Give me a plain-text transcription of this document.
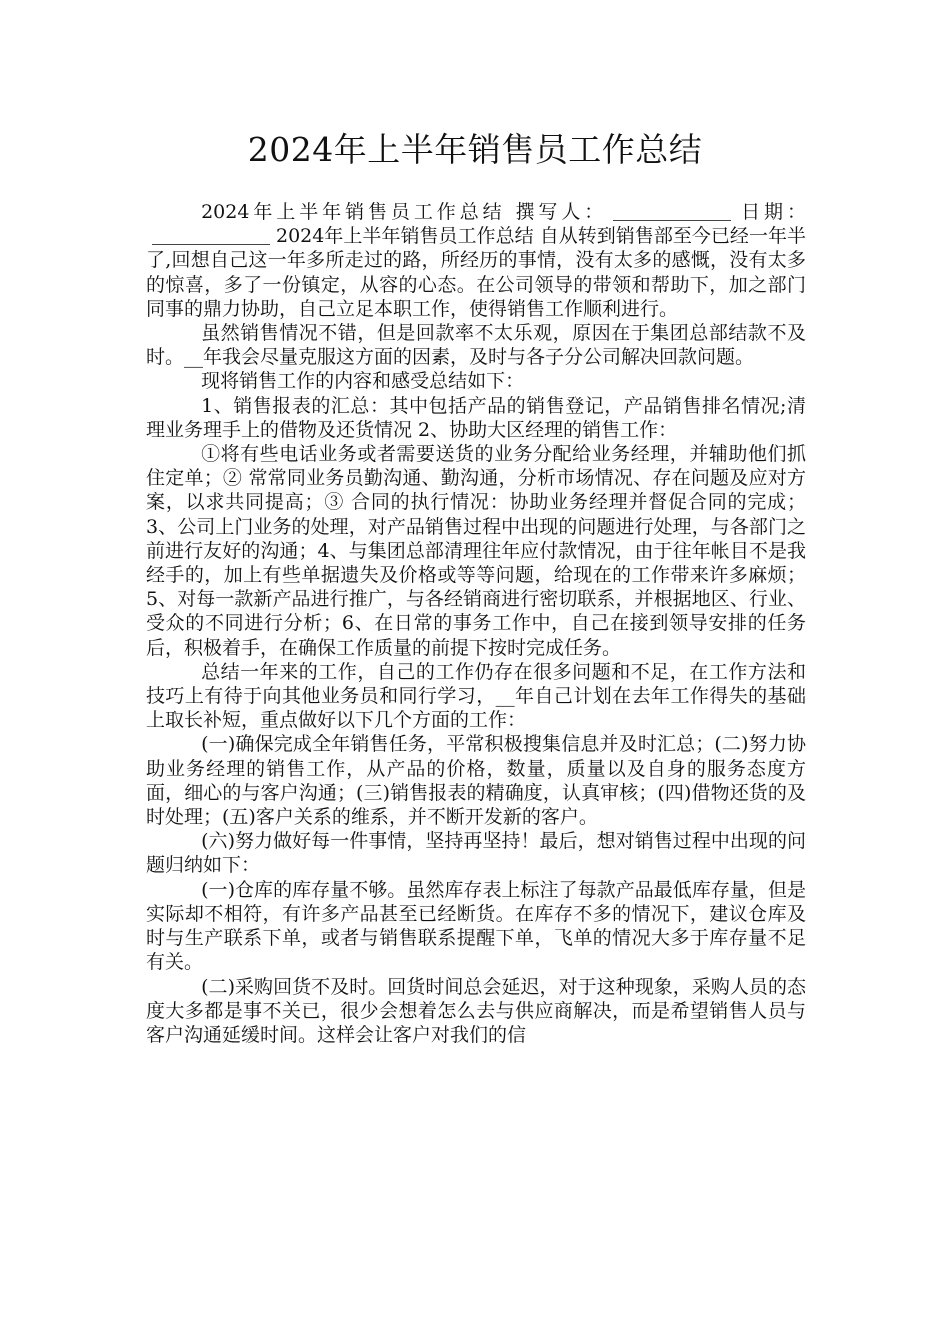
2024年上半年销售员工作总结

2024年上半年销售员工作总结 撰写人：	日期：2024年上半年销售员工作总结 自从转到销售部至今已经一年半了,回想自己这一年多所走过的路，所经历的事情，没有太多的感慨，没有太多的惊喜，多了一份镇定，从容的心态。在公司领导的带领和帮助下，加之部门同事的鼎力协助，自己立足本职工作，使得销售工作顺利进行。

虽然销售情况不错，但是回款率不太乐观，原因在于集团总部结款不及时。__年我会尽量克服这方面的因素，及时与各子分公司解决回款问题。

现将销售工作的内容和感受总结如下：

1、销售报表的汇总：其中包括产品的销售登记，产品销售排名情况;清理业务理手上的借物及还货情况 2、协助大区经理的销售工作：

①将有些电话业务或者需要送货的业务分配给业务经理，并辅助他们抓住定单；② 常常同业务员勤沟通、勤沟通，分析市场情况、存在问题及应对方案，以求共同提高；③ 合同的执行情况：协助业务经理并督促合同的完成；3、公司上门业务的处理，对产品销售过程中出现的问题进行处理，与各部门之前进行友好的沟通；4、与集团总部清理往年应付款情况，由于往年帐目不是我经手的，加上有些单据遗失及价格或等等问题，给现在的工作带来许多麻烦；5、对每一款新产品进行推广，与各经销商进行密切联系，并根据地区、行业、受众的不同进行分析；6、在日常的事务工作中，自己在接到领导安排的任务后，积极着手，在确保工作质量的前提下按时完成任务。

总结一年来的工作，自己的工作仍存在很多问题和不足，在工作方法和技巧上有待于向其他业务员和同行学习，__年自己计划在去年工作得失的基础上取长补短，重点做好以下几个方面的工作：

(一)确保完成全年销售任务，平常积极搜集信息并及时汇总；(二)努力协助业务经理的销售工作，从产品的价格，数量，质量以及自身的服务态度方面，细心的与客户沟通；(三)销售报表的精确度，认真审核；(四)借物还货的及时处理；(五)客户关系的维系，并不断开发新的客户。

(六)努力做好每一件事情，坚持再坚持！最后，想对销售过程中出现的问题归纳如下：

(一)仓库的库存量不够。虽然库存表上标注了每款产品最低库存量，但是实际却不相符，有许多产品甚至已经断货。在库存不多的情况下，建议仓库及时与生产联系下单，或者与销售联系提醒下单，飞单的情况大多于库存量不足有关。

(二)采购回货不及时。回货时间总会延迟，对于这种现象，采购人员的态度大多都是事不关已，很少会想着怎么去与供应商解决，而是希望销售人员与客户沟通延缓时间。这样会让客户对我们的信
